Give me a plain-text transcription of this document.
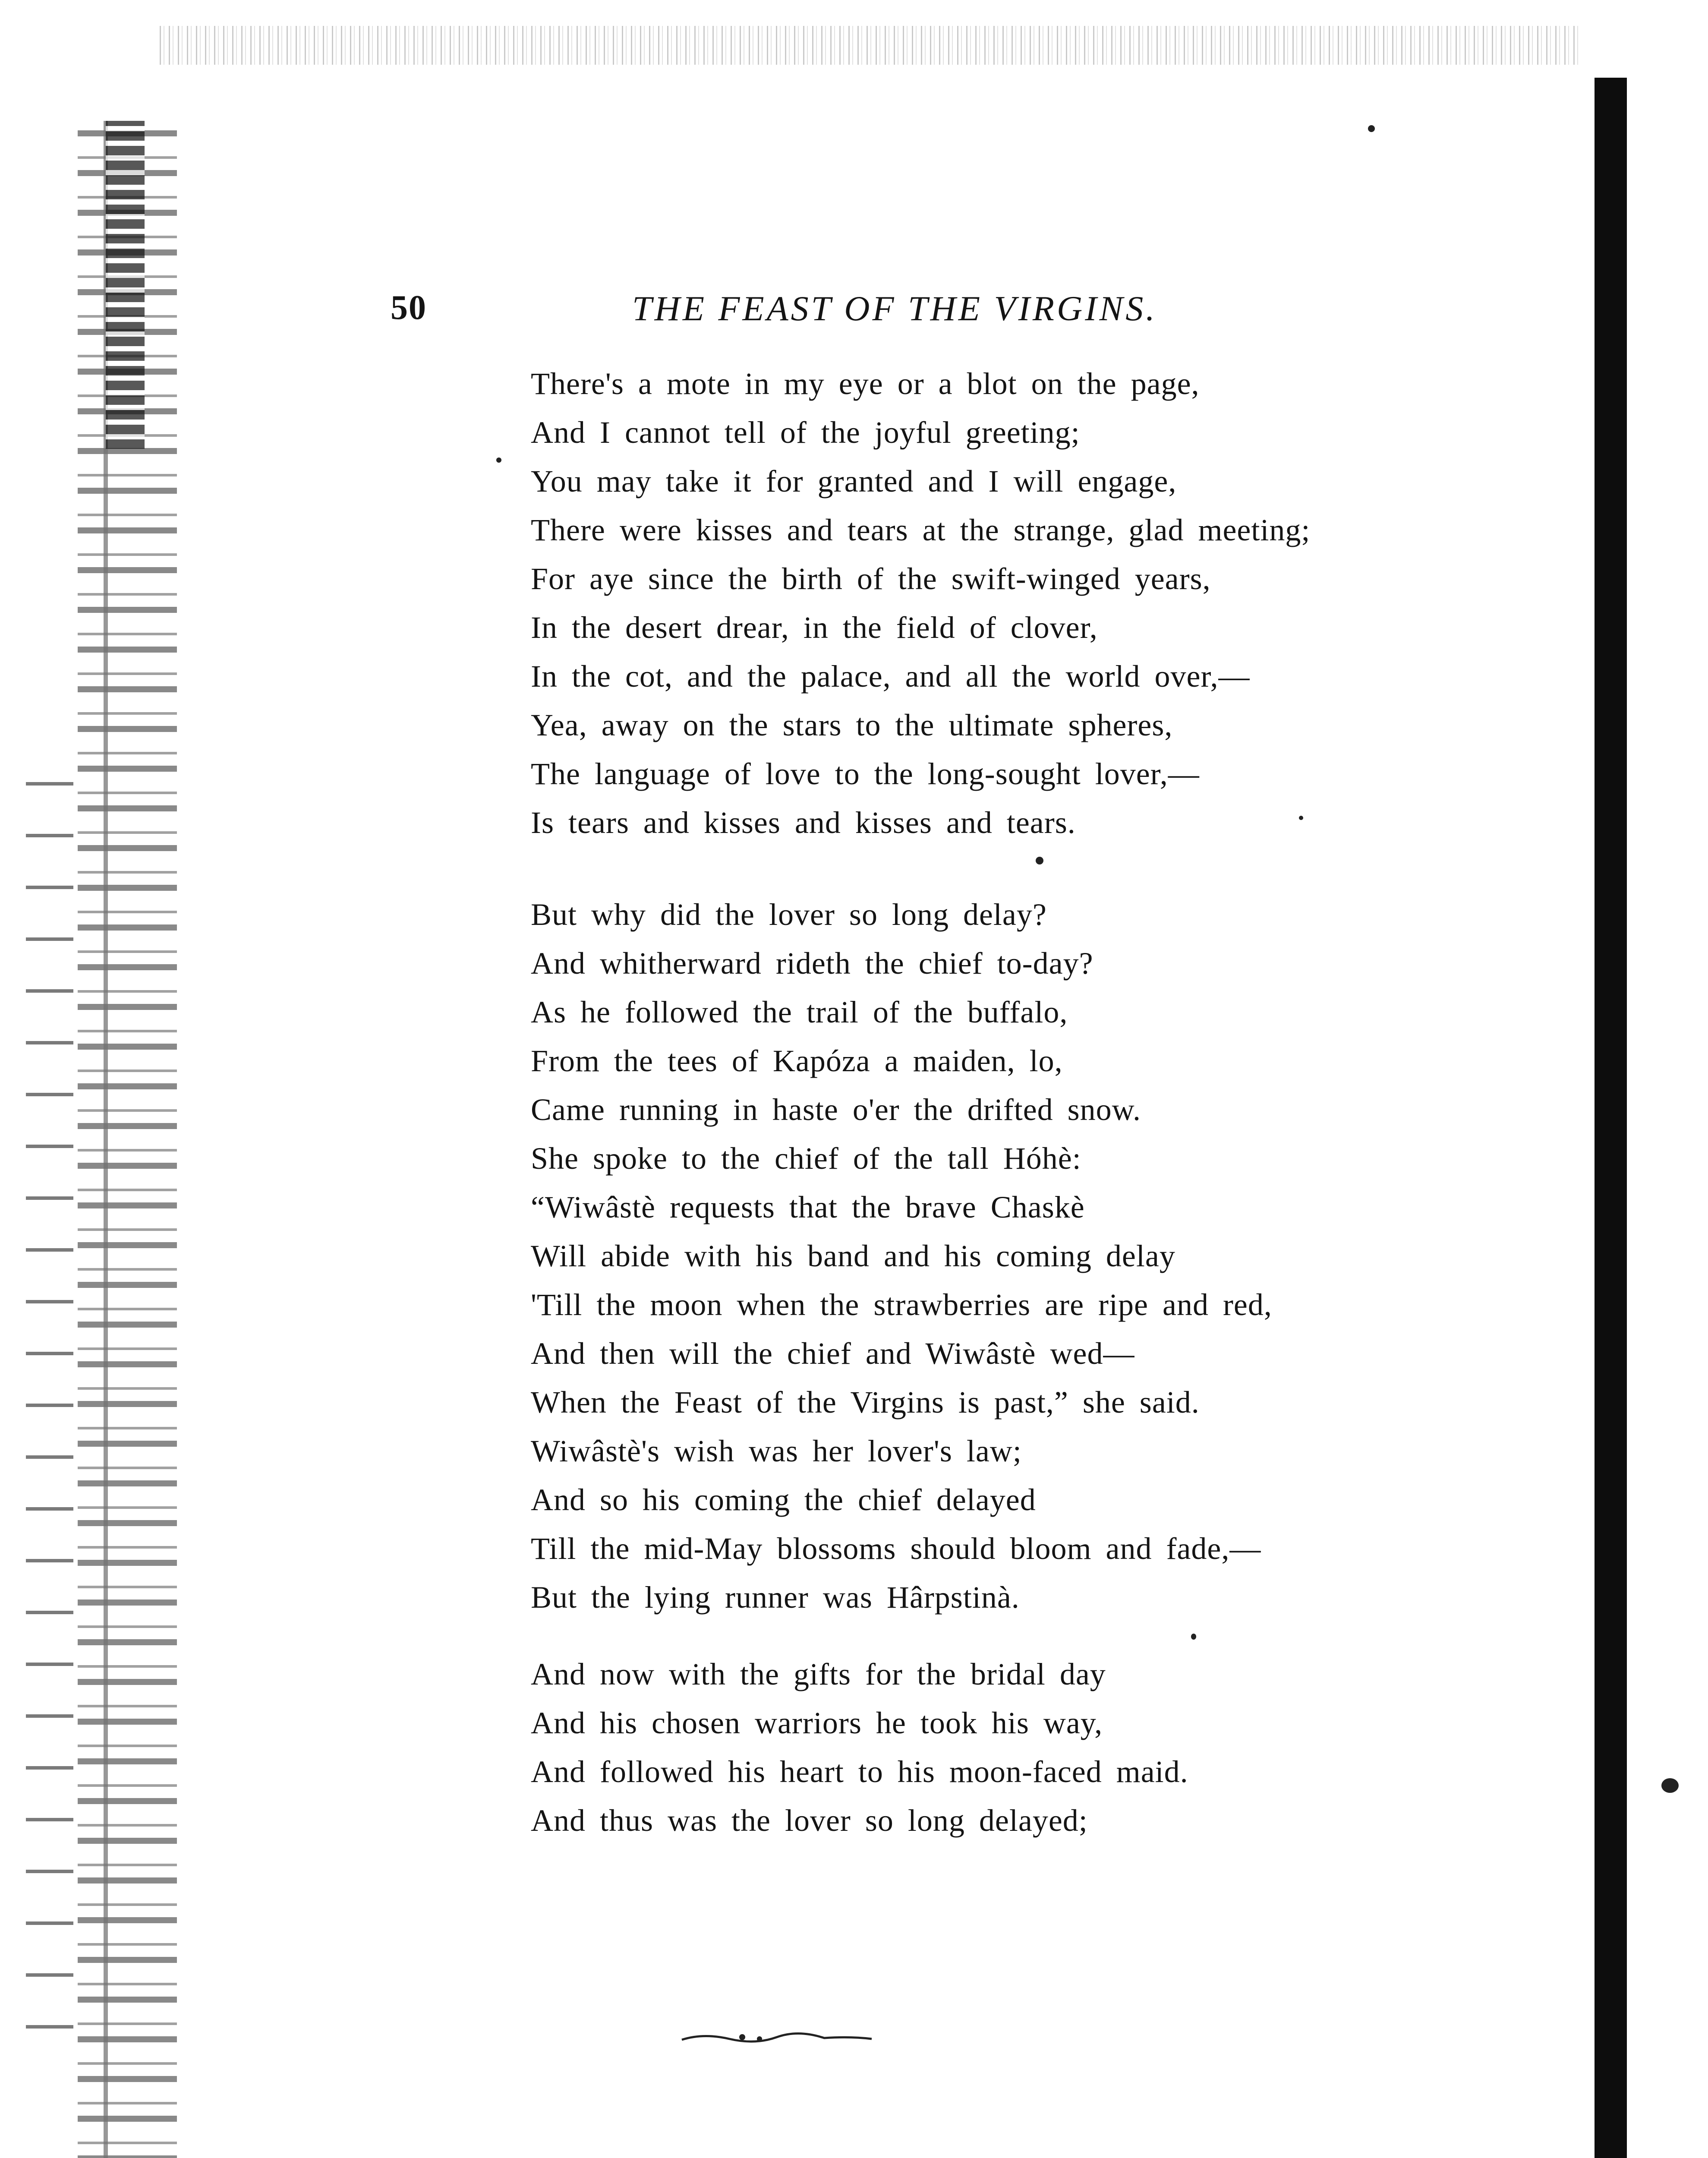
50	THE FEAST OF THE VIRGINS.
There's a mote in my eye or a blot on the page,
And I cannot tell of the joyful greeting;
You may take it for granted and I will engage,
There were kisses and tears at the strange, glad meeting;
For aye since the birth of the swift-winged years,
In the desert drear, in the field of clover,
In the cot, and the palace, and all the world over,—
Yea, away on the stars to the ultimate spheres,
The language of love to the long-sought lover,—
Is tears and kisses and kisses and tears.
But why did the lover so long delay?
And whitherward rideth the chief to-day?
As he followed the trail of the buffalo,
From the tees of Kapóza a maiden, lo,
Came running in haste o'er the drifted snow.
She spoke to the chief of the tall Hóhè:
“Wiwâstè requests that the brave Chaskè
Will abide with his band and his coming delay
'Till the moon when the strawberries are ripe and red,
And then will the chief and Wiwâstè wed—
When the Feast of the Virgins is past,” she said.
Wiwâstè's wish was her lover's law;
And so his coming the chief delayed
Till the mid-May blossoms should bloom and fade,—
But the lying runner was Hârpstinà.
And now with the gifts for the bridal day
And his chosen warriors he took his way,
And followed his heart to his moon-faced maid.
And thus was the lover so long delayed;
